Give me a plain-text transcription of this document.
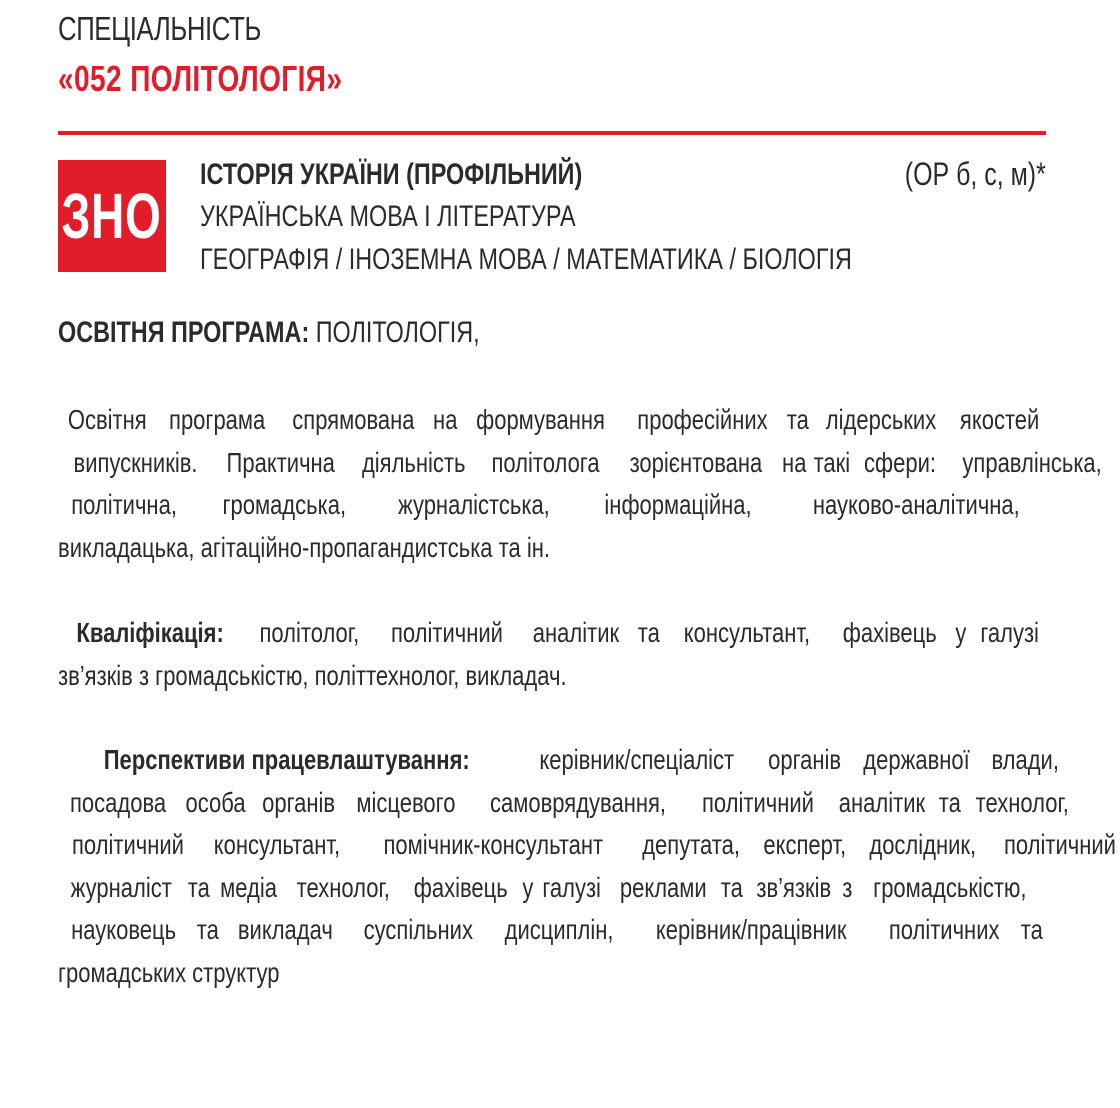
СПЕЦІАЛЬНІСТЬ
«052 ПОЛІТОЛОГІЯ»
ЗНО
ІСТОРІЯ УКРАЇНИ (ПРОФІЛЬНИЙ)
УКРАЇНСЬКА МОВА І ЛІТЕРАТУРА
ГЕОГРАФІЯ / ІНОЗЕМНА МОВА / МАТЕМАТИКА / БІОЛОГІЯ
(ОР б, с, м)*
ОСВІТНЯ ПРОГРАМА: ПОЛІТОЛОГІЯ,
Освітня програма спрямована на формування професійних та лідерських якостей
випускників. Практична діяльність політолога зорієнтована на такі сфери: управлінська,
політична, громадська, журналістська, інформаційна, науково-аналітична,
викладацька, агітаційно-пропагандистська та ін.
Кваліфікація: політолог, політичний аналітик та консультант, фахівець у галузі
зв’язків з громадськістю, політтехнолог, викладач.
Перспективи працевлаштування:	керівник/спеціаліст органів державної влади,
посадова особа органів місцевого самоврядування, політичний аналітик та технолог,
політичний консультант, помічник-консультант депутата, експерт, дослідник, політичний
журналіст та медіа технолог, фахівець у галузі реклами та зв’язків з громадськістю,
науковець та викладач суспільних дисциплін, керівник/працівник політичних та
громадських структур
